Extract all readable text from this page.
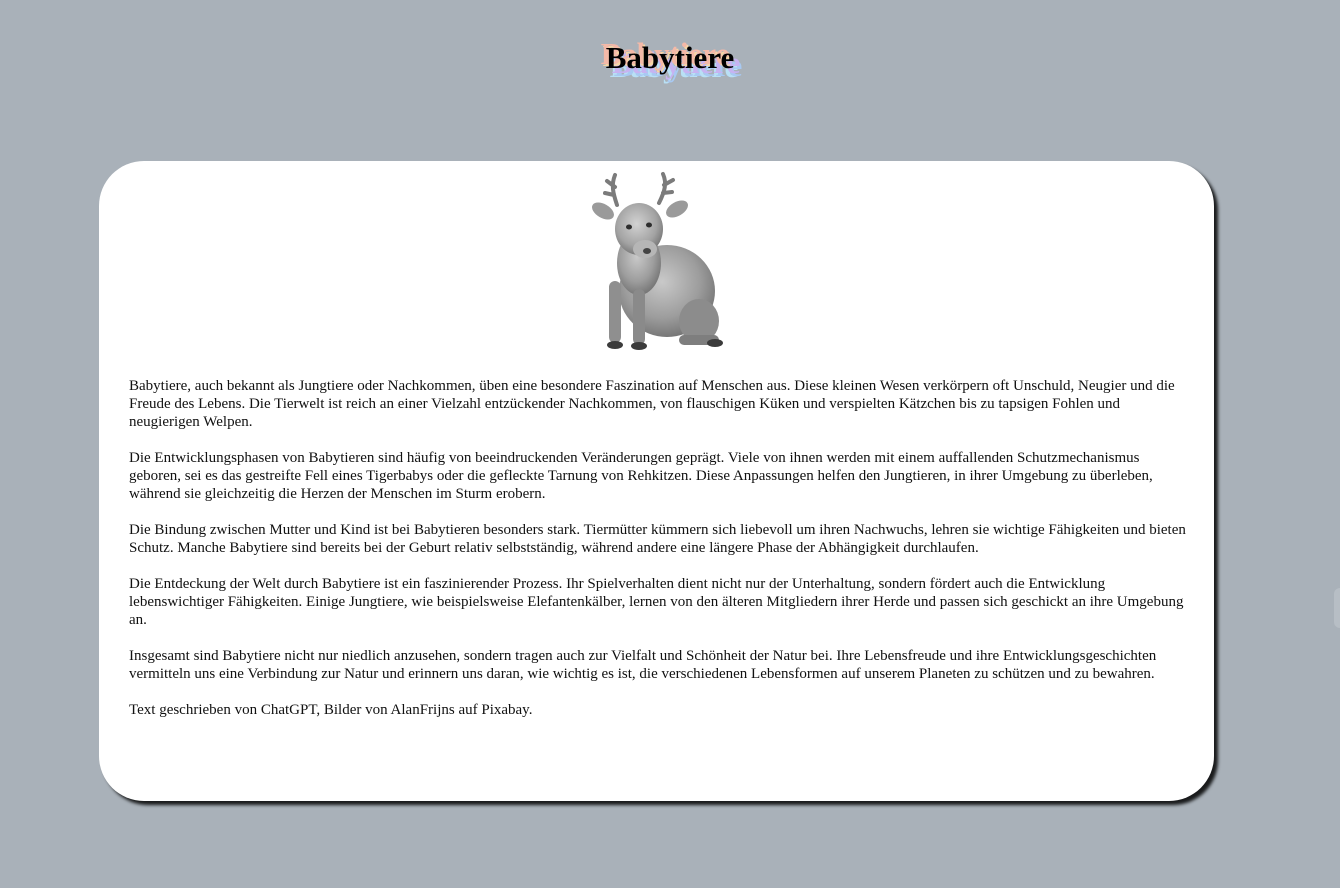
Babytiere

Babytiere, auch bekannt als Jungtiere oder Nachkommen, üben eine besondere Faszination auf Menschen aus. Diese kleinen Wesen verkörpern oft Unschuld, Neugier und die Freude des Lebens. Die Tierwelt ist reich an einer Vielzahl entzückender Nachkommen, von flauschigen Küken und verspielten Kätzchen bis zu tapsigen Fohlen und neugierigen Welpen.

Die Entwicklungsphasen von Babytieren sind häufig von beeindruckenden Veränderungen geprägt. Viele von ihnen werden mit einem auffallenden Schutzmechanismus geboren, sei es das gestreifte Fell eines Tigerbabys oder die gefleckte Tarnung von Rehkitzen. Diese Anpassungen helfen den Jungtieren, in ihrer Umgebung zu überleben, während sie gleichzeitig die Herzen der Menschen im Sturm erobern.

Die Bindung zwischen Mutter und Kind ist bei Babytieren besonders stark. Tiermütter kümmern sich liebevoll um ihren Nachwuchs, lehren sie wichtige Fähigkeiten und bieten Schutz. Manche Babytiere sind bereits bei der Geburt relativ selbstständig, während andere eine längere Phase der Abhängigkeit durchlaufen.

Die Entdeckung der Welt durch Babytiere ist ein faszinierender Prozess. Ihr Spielverhalten dient nicht nur der Unterhaltung, sondern fördert auch die Entwicklung lebenswichtiger Fähigkeiten. Einige Jungtiere, wie beispielsweise Elefantenkälber, lernen von den älteren Mitgliedern ihrer Herde und passen sich geschickt an ihre Umgebung an.

Insgesamt sind Babytiere nicht nur niedlich anzusehen, sondern tragen auch zur Vielfalt und Schönheit der Natur bei. Ihre Lebensfreude und ihre Entwicklungsgeschichten vermitteln uns eine Verbindung zur Natur und erinnern uns daran, wie wichtig es ist, die verschiedenen Lebensformen auf unserem Planeten zu schützen und zu bewahren.

Text geschrieben von ChatGPT, Bilder von AlanFrijns auf Pixabay.
